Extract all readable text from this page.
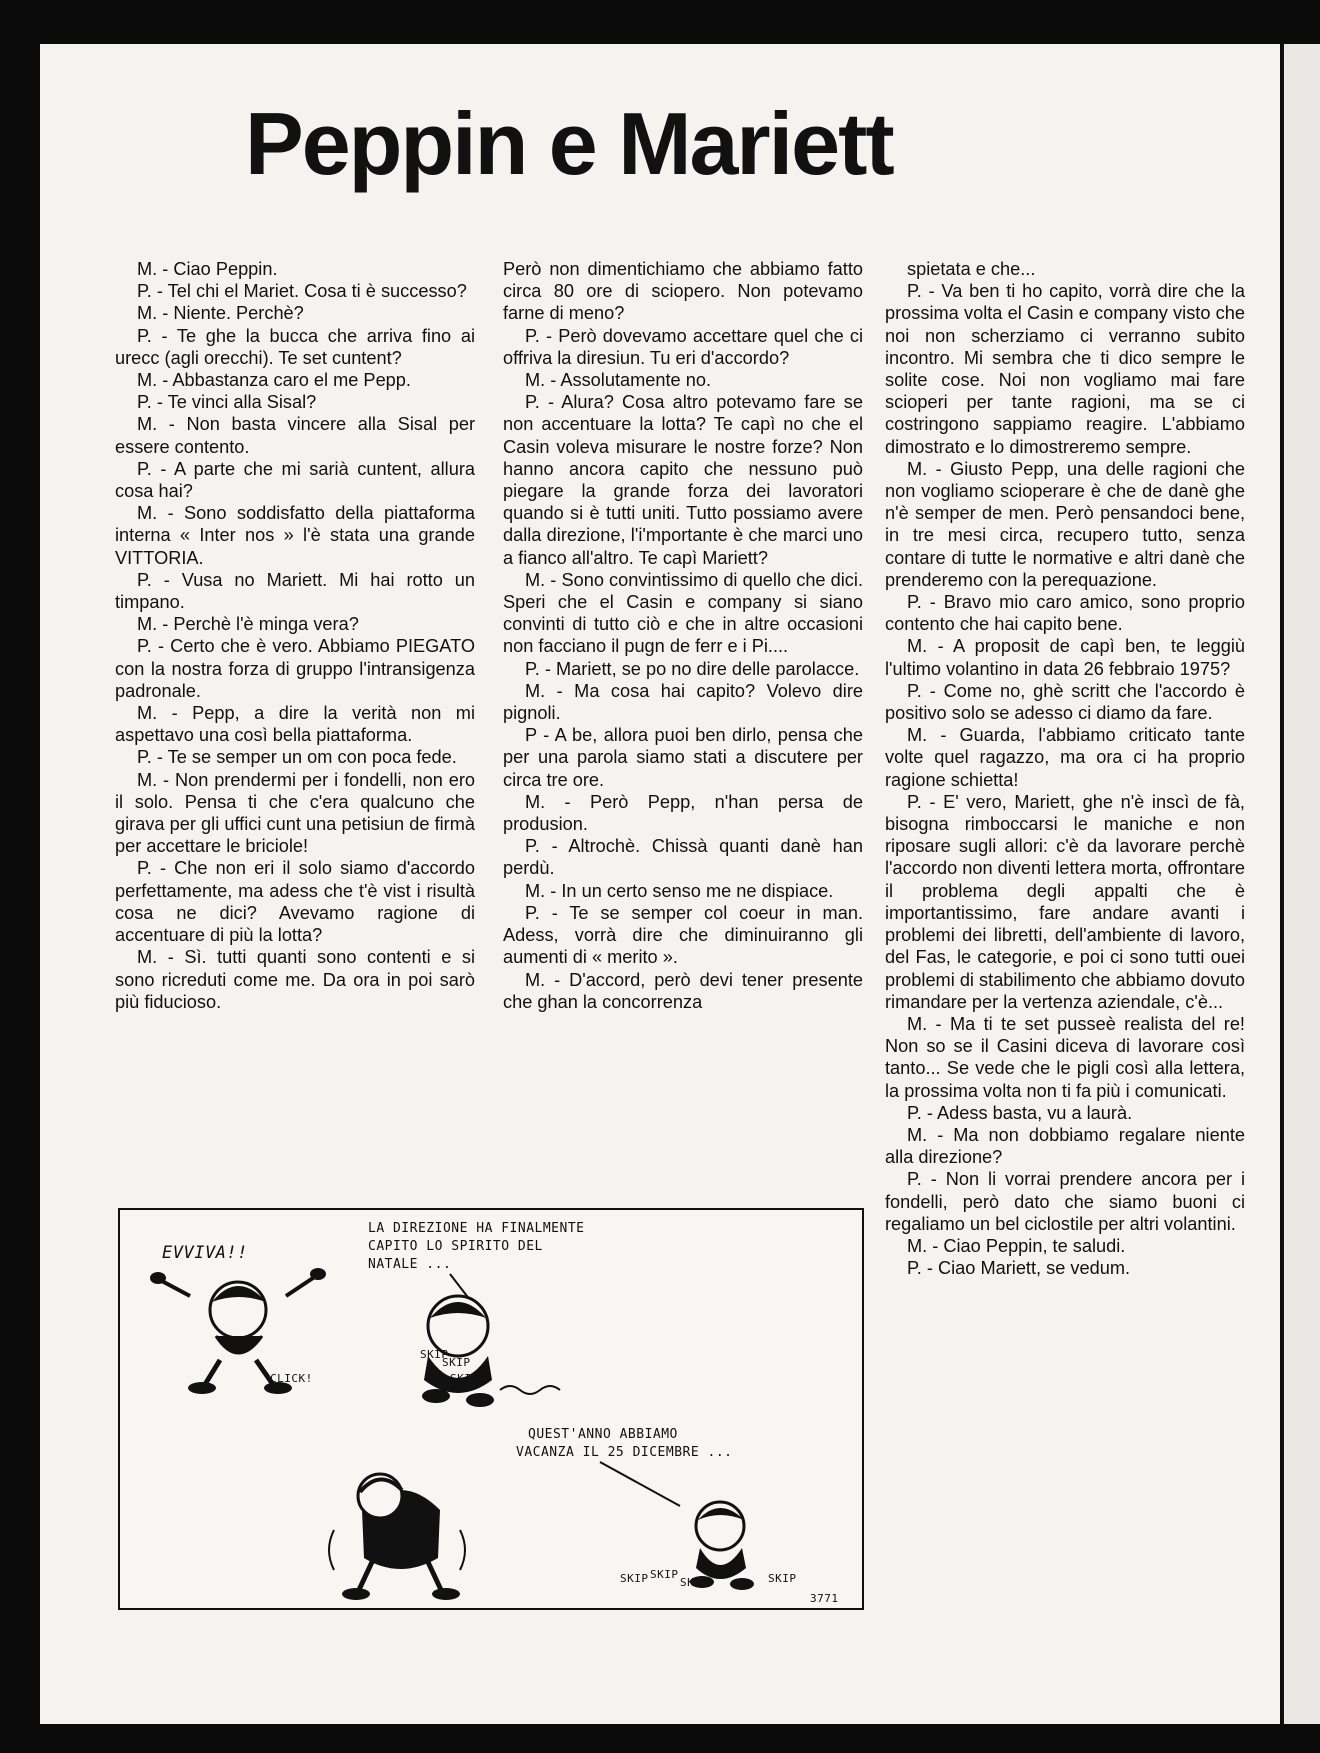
Peppin e Mariett

M. - Ciao Peppin.

P. - Tel chi el Mariet. Cosa ti è successo?

M. - Niente. Perchè?

P. - Te ghe la bucca che arriva fino ai urecc (agli orecchi). Te set cuntent?

M. - Abbastanza caro el me Pepp.

P. - Te vinci alla Sisal?

M. - Non basta vincere alla Sisal per essere contento.

P. - A parte che mi sarià cuntent, allura cosa hai?

M. - Sono soddisfatto della piattaforma interna « Inter nos » l'è stata una grande VITTORIA.

P. - Vusa no Mariett. Mi hai rotto un timpano.

M. - Perchè l'è minga vera?

P. - Certo che è vero. Abbiamo PIEGATO con la nostra forza di gruppo l'intransigenza padronale.

M. - Pepp, a dire la verità non mi aspettavo una così bella piattaforma.

P. - Te se semper un om con poca fede.

M. - Non prendermi per i fondelli, non ero il solo. Pensa ti che c'era qualcuno che girava per gli uffici cunt una petisiun de firmà per accettare le briciole!

P. - Che non eri il solo siamo d'accordo perfettamente, ma adess che t'è vist i risultà cosa ne dici? Avevamo ragione di accentuare di più la lotta?

M. - Sì. tutti quanti sono contenti e si sono ricreduti come me. Da ora in poi sarò più fiducioso.

Però non dimentichiamo che abbiamo fatto circa 80 ore di sciopero. Non potevamo farne di meno?

P. - Però dovevamo accettare quel che ci offriva la diresiun. Tu eri d'accordo?

M. - Assolutamente no.

P. - Alura? Cosa altro potevamo fare se non accentuare la lotta? Te capì no che el Casin voleva misurare le nostre forze? Non hanno ancora capito che nessuno può piegare la grande forza dei lavoratori quando si è tutti uniti. Tutto possiamo avere dalla direzione, l'i'mportante è che marci uno a fianco all'altro. Te capì Mariett?

M. - Sono convintissimo di quello che dici. Speri che el Casin e company si siano convinti di tutto ciò e che in altre occasioni non facciano il pugn de ferr e i Pi....

P. - Mariett, se po no dire delle parolacce.

M. - Ma cosa hai capito? Volevo dire pignoli.

P - A be, allora puoi ben dirlo, pensa che per una parola siamo stati a discutere per circa tre ore.

M. - Però Pepp, n'han persa de produsion.

P. - Altrochè. Chissà quanti danè han perdù.

M. - In un certo senso me ne dispiace.

P. - Te se semper col coeur in man. Adess, vorrà dire che diminuiranno gli aumenti di « merito ».

M. - D'accord, però devi tener presente che ghan la concorrenza

spietata e che...

P. - Va ben ti ho capito, vorrà dire che la prossima volta el Casin e company visto che noi non scherziamo ci verranno subito incontro. Mi sembra che ti dico sempre le solite cose. Noi non vogliamo mai fare scioperi per tante ragioni, ma se ci costringono sappiamo reagire. L'abbiamo dimostrato e lo dimostreremo sempre.

M. - Giusto Pepp, una delle ragioni che non vogliamo scioperare è che de danè ghe n'è semper de men. Però pensandoci bene, in tre mesi circa, recupero tutto, senza contare di tutte le normative e altri danè che prenderemo con la perequazione.

P. - Bravo mio caro amico, sono proprio contento che hai capito bene.

M. - A proposit de capì ben, te leggiù l'ultimo volantino in data 26 febbraio 1975?

P. - Come no, ghè scritt che l'accordo è positivo solo se adesso ci diamo da fare.

M. - Guarda, l'abbiamo criticato tante volte quel ragazzo, ma ora ci ha proprio ragione schietta!

P. - E' vero, Mariett, ghe n'è inscì de fà, bisogna rimboccarsi le maniche e non riposare sugli allori: c'è da lavorare perchè l'accordo non diventi lettera morta, offrontare il problema degli appalti che è importantissimo, fare andare avanti i problemi dei libretti, dell'ambiente di lavoro, del Fas, le categorie, e poi ci sono tutti ouei problemi di stabilimento che abbiamo dovuto rimandare per la vertenza aziendale, c'è...

M. - Ma ti te set pusseè realista del re! Non so se il Casini diceva di lavorare così tanto... Se vede che le pigli così alla lettera, la prossima volta non ti fa più i comunicati.

P. - Adess basta, vu a laurà.

M. - Ma non dobbiamo regalare niente alla direzione?

P. - Non li vorrai prendere ancora per i fondelli, però dato che siamo buoni ci regaliamo un bel ciclostile per altri volantini.

M. - Ciao Peppin, te saludi.

P. - Ciao Mariett, se vedum.

EVVIVA!!
LA DIREZIONE HA FINALMENTE
CAPITO LO SPIRITO DEL
NATALE ...
CLICK!
SKIP
SKIP
SKI..
QUEST'ANNO ABBIAMO
VACANZA IL 25 DICEMBRE ...
SKIP SKIP
SKIP	SKIP
3771
